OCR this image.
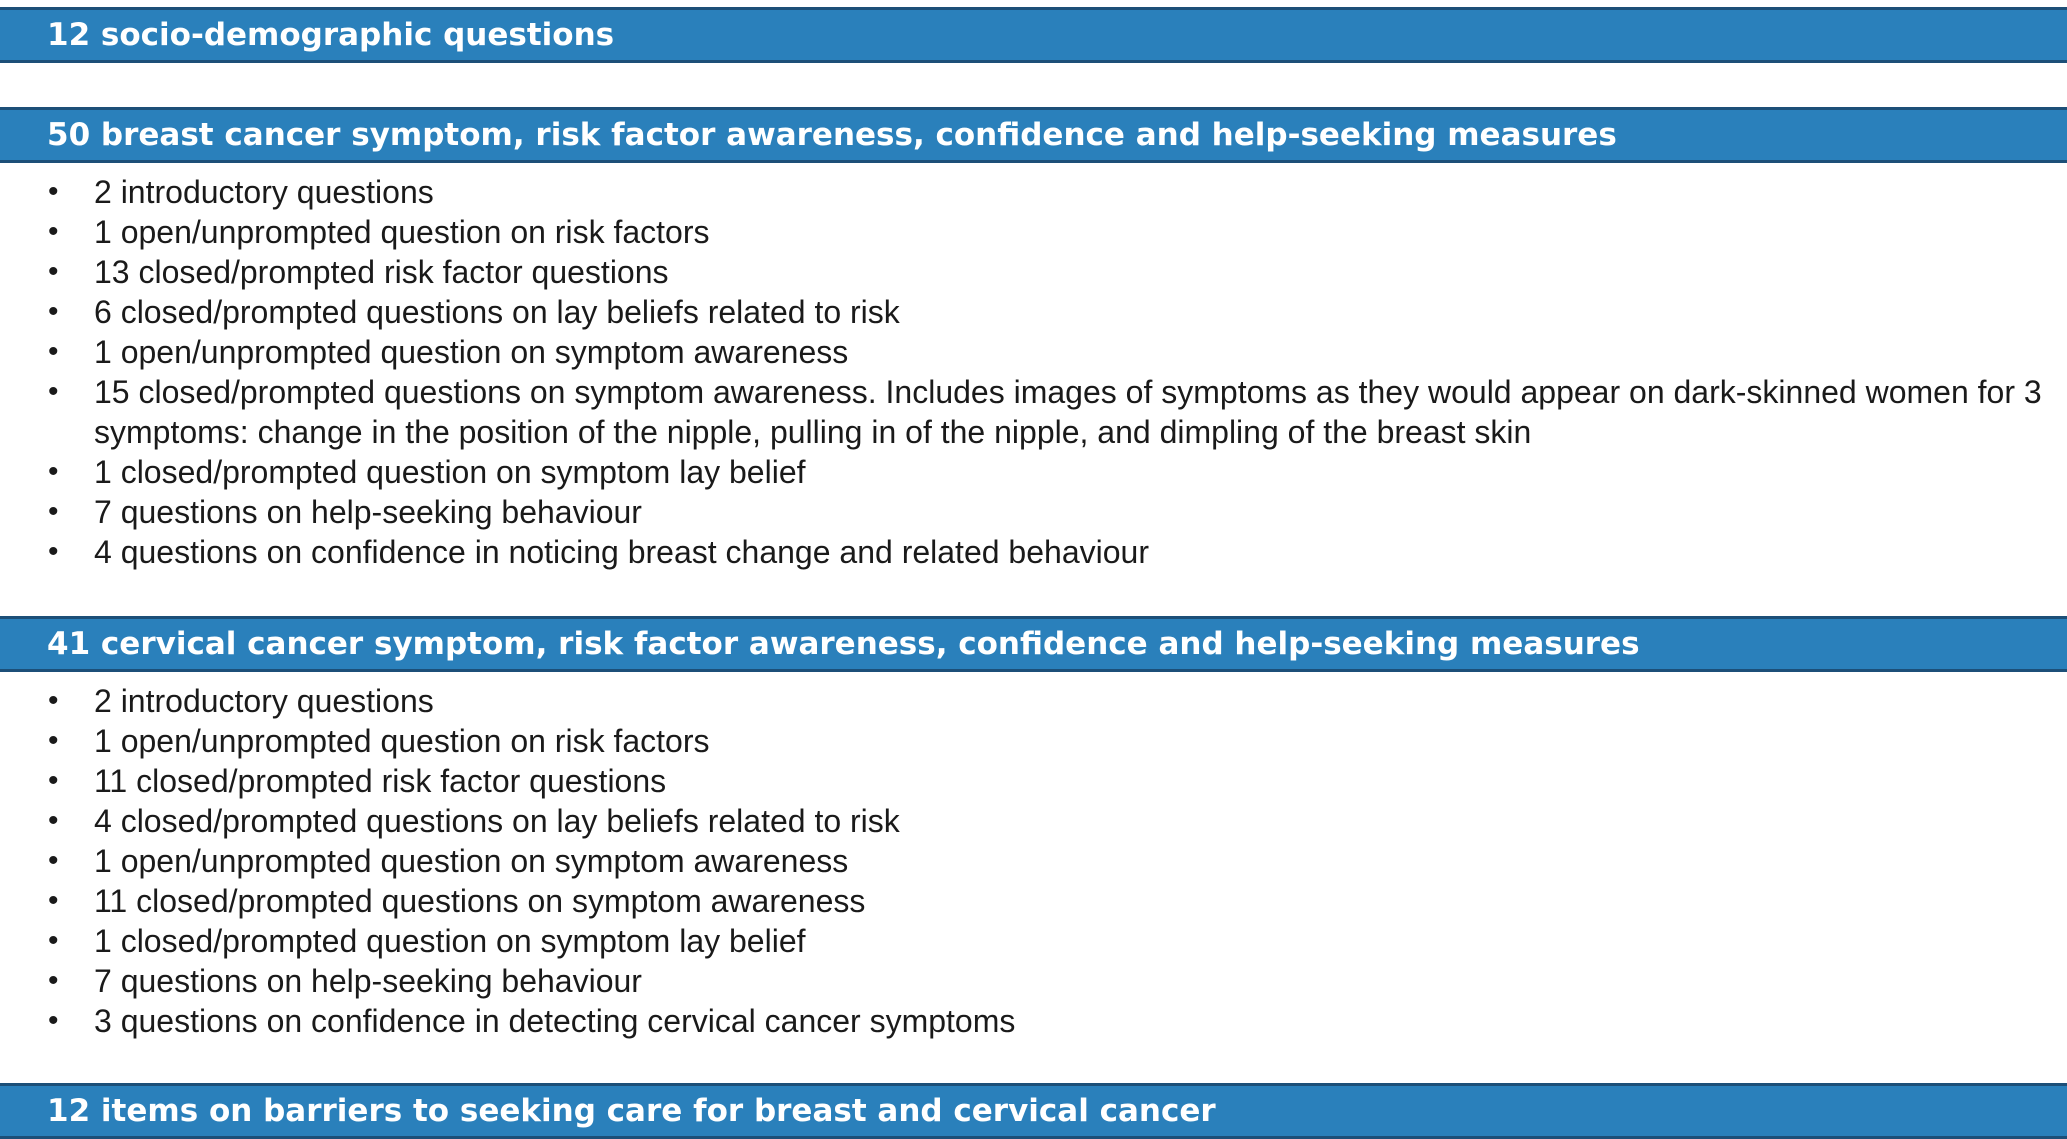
12 socio-demographic questions
50 breast cancer symptom, risk factor awareness, confidence and help-seeking measures
• 2 introductory questions
• 1 open/unprompted question on risk factors
• 13 closed/prompted risk factor questions
• 6 closed/prompted questions on lay beliefs related to risk
• 1 open/unprompted question on symptom awareness
• 15 closed/prompted questions on symptom awareness. Includes images of symptoms as they would appear on dark-skinned women for 3 symptoms: change in the position of the nipple, pulling in of the nipple, and dimpling of the breast skin
• 1 closed/prompted question on symptom lay belief
• 7 questions on help-seeking behaviour
• 4 questions on confidence in noticing breast change and related behaviour
41 cervical cancer symptom, risk factor awareness, confidence and help-seeking measures
• 2 introductory questions
• 1 open/unprompted question on risk factors
• 11 closed/prompted risk factor questions
• 4 closed/prompted questions on lay beliefs related to risk
• 1 open/unprompted question on symptom awareness
• 11 closed/prompted questions on symptom awareness
• 1 closed/prompted question on symptom lay belief
• 7 questions on help-seeking behaviour
• 3 questions on confidence in detecting cervical cancer symptoms
12 items on barriers to seeking care for breast and cervical cancer
